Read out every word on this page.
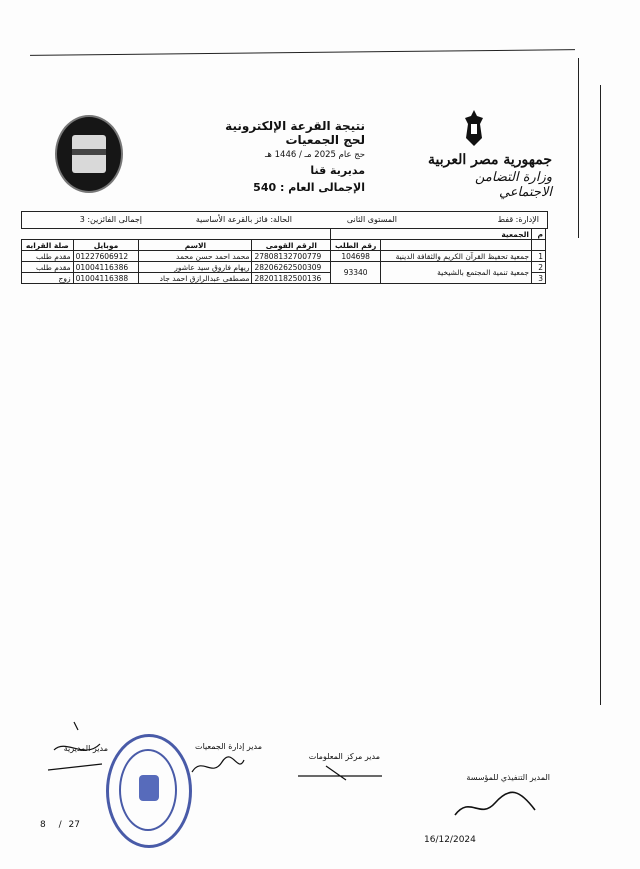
نتيجة القرعة الإلكترونية لحج الجمعيات
حج عام 2025 مـ / 1446 هـ
مديرية قنا
الإجمالى العام : 540
جمهورية مصر العربية
وزارة التضامن الاجتماعي
الإدارة: قفط
المستوى الثانى
الحالة: فائز بالقرعة الأساسية
إجمالى الفائزين: 3
م	الجمعية					
		رقم الطلب	الرقم القومى	الاسم	موبايل	صلة القرابه
1	جمعية تحفيظ القرآن الكريم والثقافة الدينية	104698	27808132700779	محمد احمد حسن محمد	01227606912	مقدم طلب
2	جمعية تنمية المجتمع بالشيخية	93340	28206262500309	ريهام فاروق سيد عاشور	01004116386	مقدم طلب
3			28201182500136	مصطفى عبدالرازق احمد جاد	01004116388	زوج
المدير التنفيذي للمؤسسة
مدير مركز المعلومات
مدير إدارة الجمعيات
مدير المديرية
8 / 27
16/12/2024
